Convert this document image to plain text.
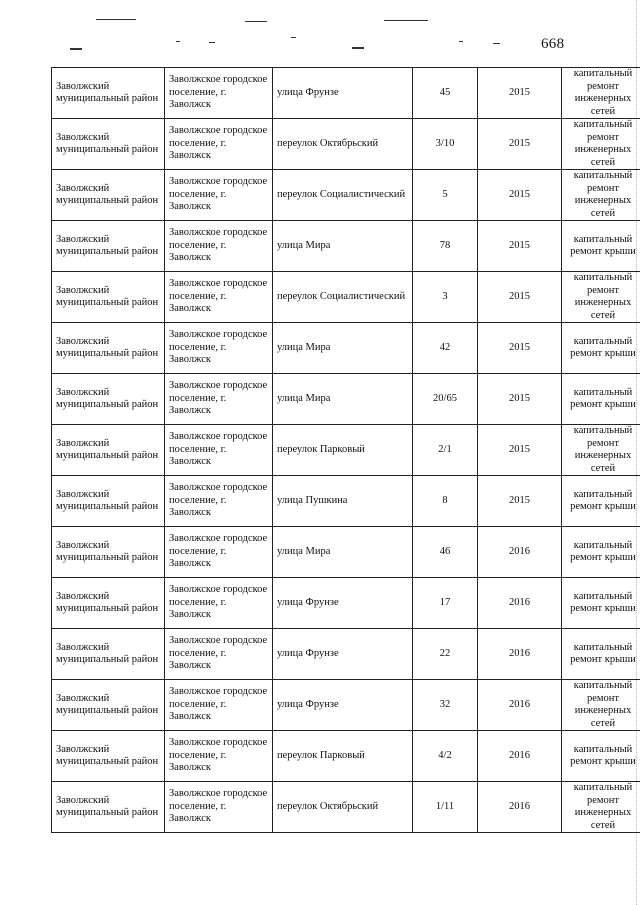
668
Заволжский муниципальный район	Заволжское городское поселение, г. Заволжск	улица Фрунзе	45	2015	капитальный ремонт инженерных сетей
Заволжский муниципальный район	Заволжское городское поселение, г. Заволжск	переулок Октябрьский	3/10	2015	капитальный ремонт инженерных сетей
Заволжский муниципальный район	Заволжское городское поселение, г. Заволжск	переулок Социалистический	5	2015	капитальный ремонт инженерных сетей
Заволжский муниципальный район	Заволжское городское поселение, г. Заволжск	улица Мира	78	2015	капитальный ремонт крыши
Заволжский муниципальный район	Заволжское городское поселение, г. Заволжск	переулок Социалистический	3	2015	капитальный ремонт инженерных сетей
Заволжский муниципальный район	Заволжское городское поселение, г. Заволжск	улица Мира	42	2015	капитальный ремонт крыши
Заволжский муниципальный район	Заволжское городское поселение, г. Заволжск	улица Мира	20/65	2015	капитальный ремонт крыши
Заволжский муниципальный район	Заволжское городское поселение, г. Заволжск	переулок Парковый	2/1	2015	капитальный ремонт инженерных сетей
Заволжский муниципальный район	Заволжское городское поселение, г. Заволжск	улица Пушкина	8	2015	капитальный ремонт крыши
Заволжский муниципальный район	Заволжское городское поселение, г. Заволжск	улица Мира	46	2016	капитальный ремонт крыши
Заволжский муниципальный район	Заволжское городское поселение, г. Заволжск	улица Фрунзе	17	2016	капитальный ремонт крыши
Заволжский муниципальный район	Заволжское городское поселение, г. Заволжск	улица Фрунзе	22	2016	капитальный ремонт крыши
Заволжский муниципальный район	Заволжское городское поселение, г. Заволжск	улица Фрунзе	32	2016	капитальный ремонт инженерных сетей
Заволжский муниципальный район	Заволжское городское поселение, г. Заволжск	переулок Парковый	4/2	2016	капитальный ремонт крыши
Заволжский муниципальный район	Заволжское городское поселение, г. Заволжск	переулок Октябрьский	1/11	2016	капитальный ремонт инженерных сетей
